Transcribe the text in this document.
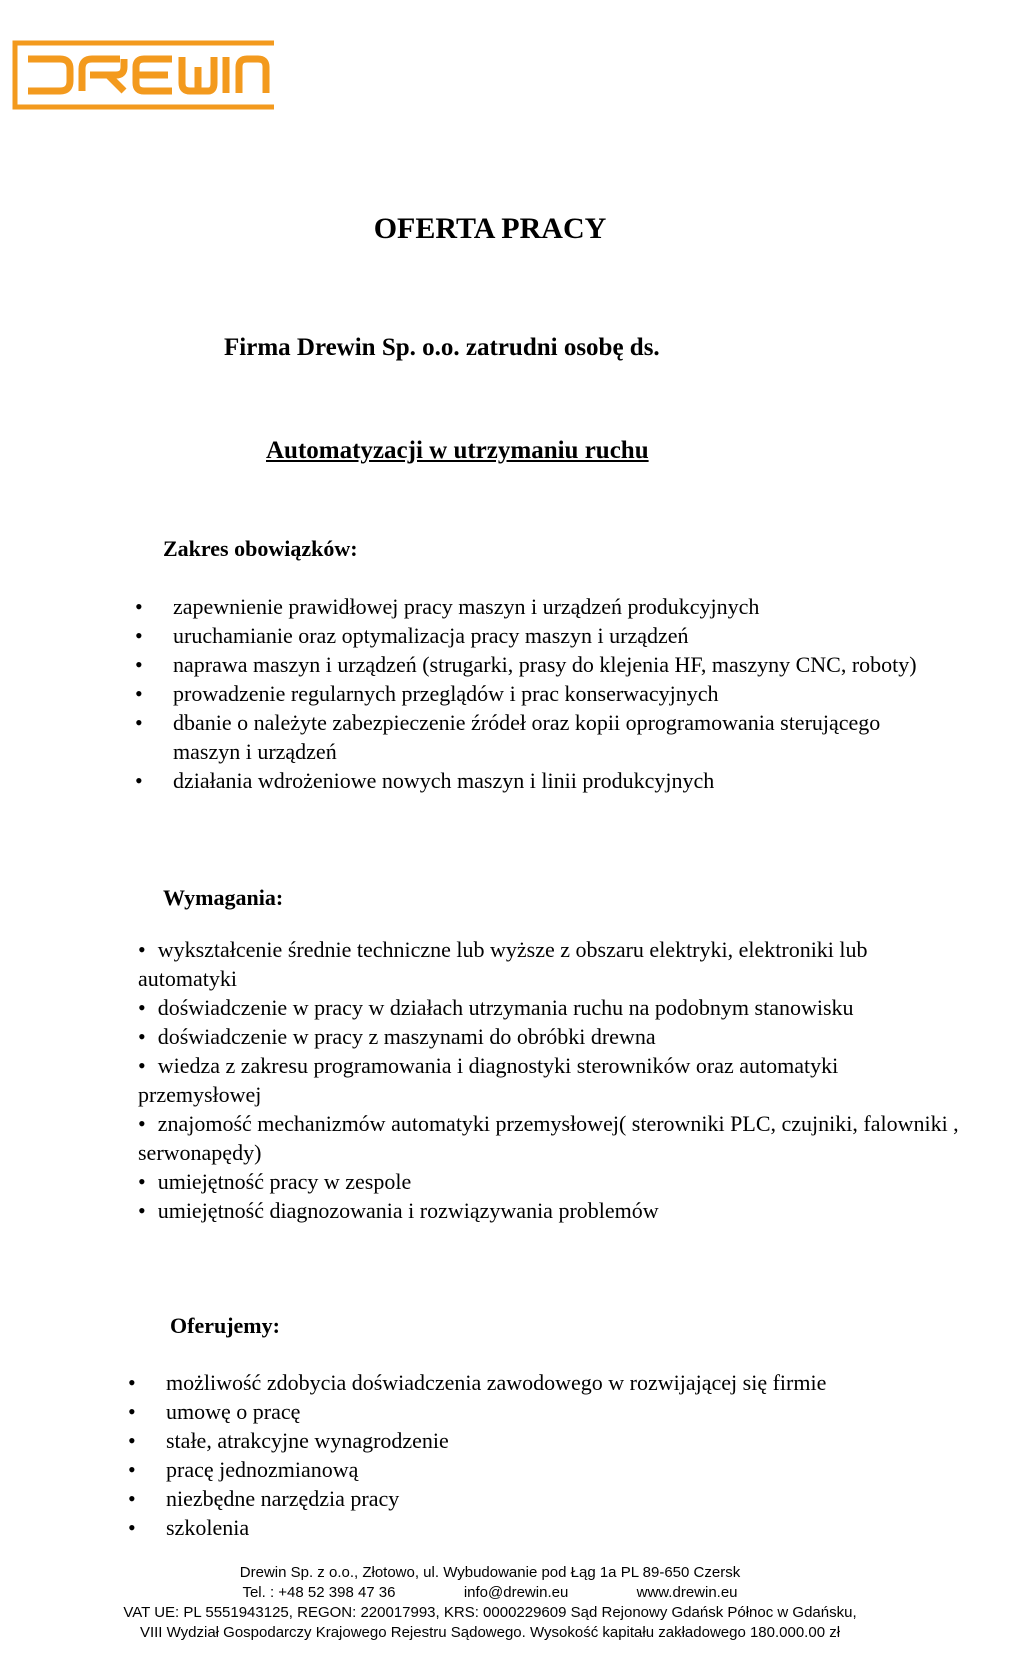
OFERTA PRACY
Firma Drewin Sp. o.o. zatrudni osobę ds.
Automatyzacji w utrzymaniu ruchu
Zakres obowiązków:
• zapewnienie prawidłowej pracy maszyn i urządzeń produkcyjnych
• uruchamianie oraz optymalizacja pracy maszyn i urządzeń
• naprawa maszyn i urządzeń (strugarki, prasy do klejenia HF, maszyny CNC, roboty)
• prowadzenie regularnych przeglądów i prac konserwacyjnych
• dbanie o należyte zabezpieczenie źródeł oraz kopii oprogramowania sterującego maszyn i urządzeń
• działania wdrożeniowe nowych maszyn i linii produkcyjnych
Wymagania:
• wykształcenie średnie techniczne lub wyższe z obszaru elektryki, elektroniki lub automatyki
• doświadczenie w pracy w działach utrzymania ruchu na podobnym stanowisku
• doświadczenie w pracy z maszynami do obróbki drewna
• wiedza z zakresu programowania i diagnostyki sterowników oraz automatyki przemysłowej
• znajomość mechanizmów automatyki przemysłowej( sterowniki PLC, czujniki, falowniki , serwonapędy)
• umiejętność pracy w zespole
• umiejętność diagnozowania i rozwiązywania problemów
Oferujemy:
• możliwość zdobycia doświadczenia zawodowego w rozwijającej się firmie
• umowę o pracę
• stałe, atrakcyjne wynagrodzenie
• pracę jednozmianową
• niezbędne narzędzia pracy
• szkolenia
Drewin Sp. z o.o., Złotowo, ul. Wybudowanie pod Łąg 1a PL 89-650 Czersk
Tel. : +48 52 398 47 36	info@drewin.eu	www.drewin.eu
VAT UE: PL 5551943125, REGON: 220017993, KRS: 0000229609 Sąd Rejonowy Gdańsk Północ w Gdańsku,
VIII Wydział Gospodarczy Krajowego Rejestru Sądowego. Wysokość kapitału zakładowego 180.000.00 zł
